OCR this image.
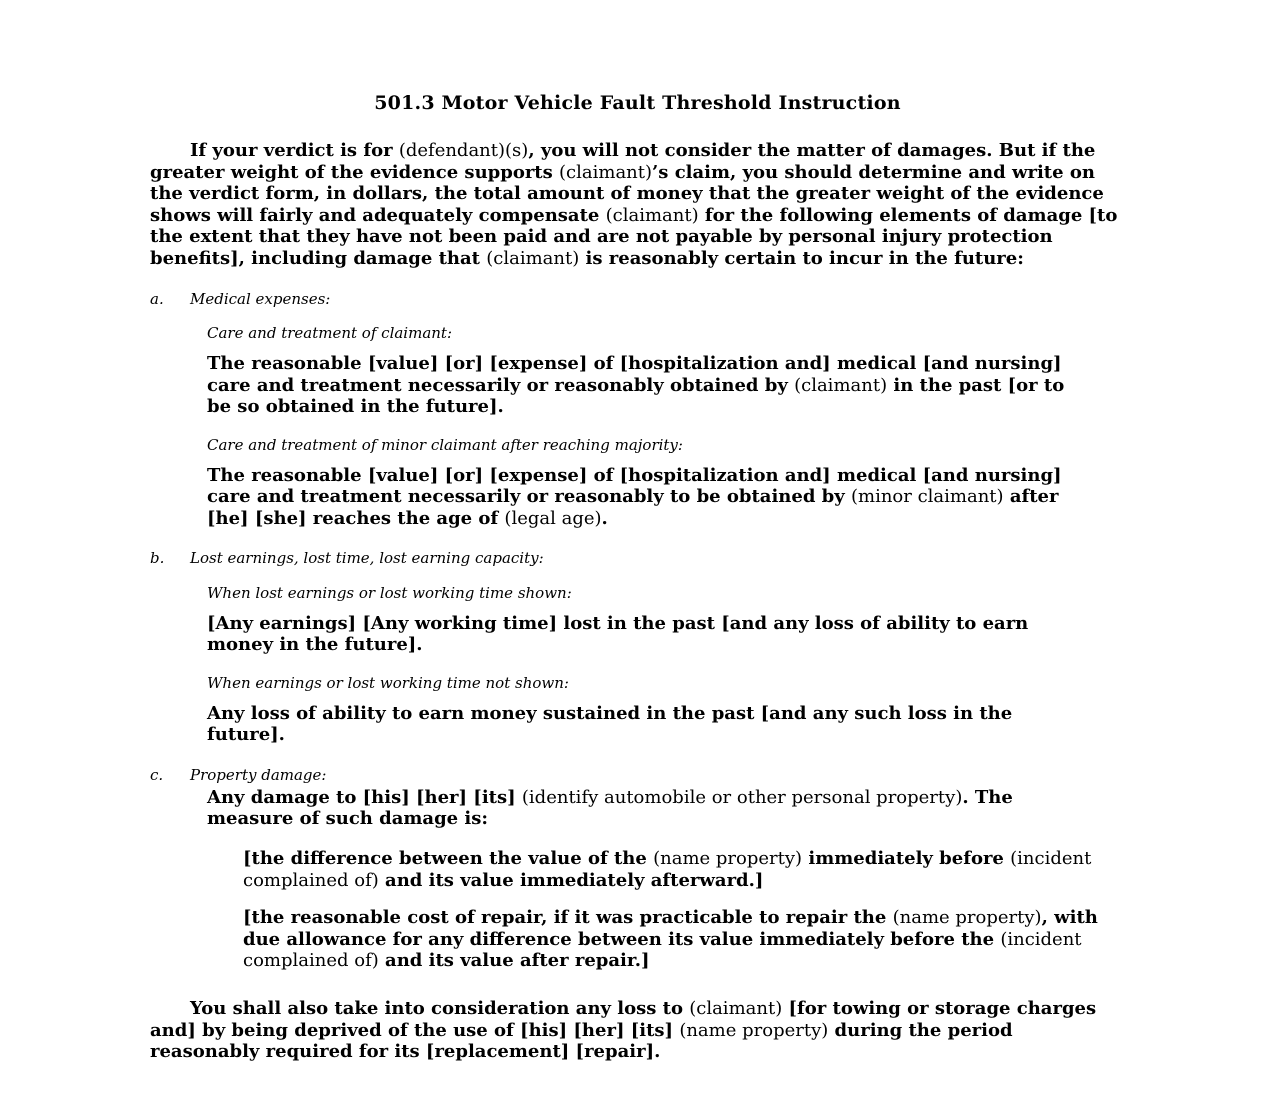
501.3 Motor Vehicle Fault Threshold Instruction

If your verdict is for (defendant)(s), you will not consider the matter of damages. But if the greater weight of the evidence supports (claimant)’s claim, you should determine and write on the verdict form, in dollars, the total amount of money that the greater weight of the evidence shows will fairly and adequately compensate (claimant) for the following elements of damage [to the extent that they have not been paid and are not payable by personal injury protection benefits], including damage that (claimant) is reasonably certain to incur in the future:

a.	Medical expenses:

Care and treatment of claimant:

The reasonable [value] [or] [expense] of [hospitalization and] medical [and nursing] care and treatment necessarily or reasonably obtained by (claimant) in the past [or to be so obtained in the future].

Care and treatment of minor claimant after reaching majority:

The reasonable [value] [or] [expense] of [hospitalization and] medical [and nursing] care and treatment necessarily or reasonably to be obtained by (minor claimant) after [he] [she] reaches the age of (legal age).

b.	Lost earnings, lost time, lost earning capacity:

When lost earnings or lost working time shown:

[Any earnings] [Any working time] lost in the past [and any loss of ability to earn money in the future].

When earnings or lost working time not shown:

Any loss of ability to earn money sustained in the past [and any such loss in the future].

c.	Property damage:

Any damage to [his] [her] [its] (identify automobile or other personal property). The measure of such damage is:

[the difference between the value of the (name property) immediately before (incident complained of) and its value immediately afterward.]

[the reasonable cost of repair, if it was practicable to repair the (name property), with due allowance for any difference between its value immediately before the (incident complained of) and its value after repair.]

You shall also take into consideration any loss to (claimant) [for towing or storage charges and] by being deprived of the use of [his] [her] [its] (name property) during the period reasonably required for its [replacement] [repair].
